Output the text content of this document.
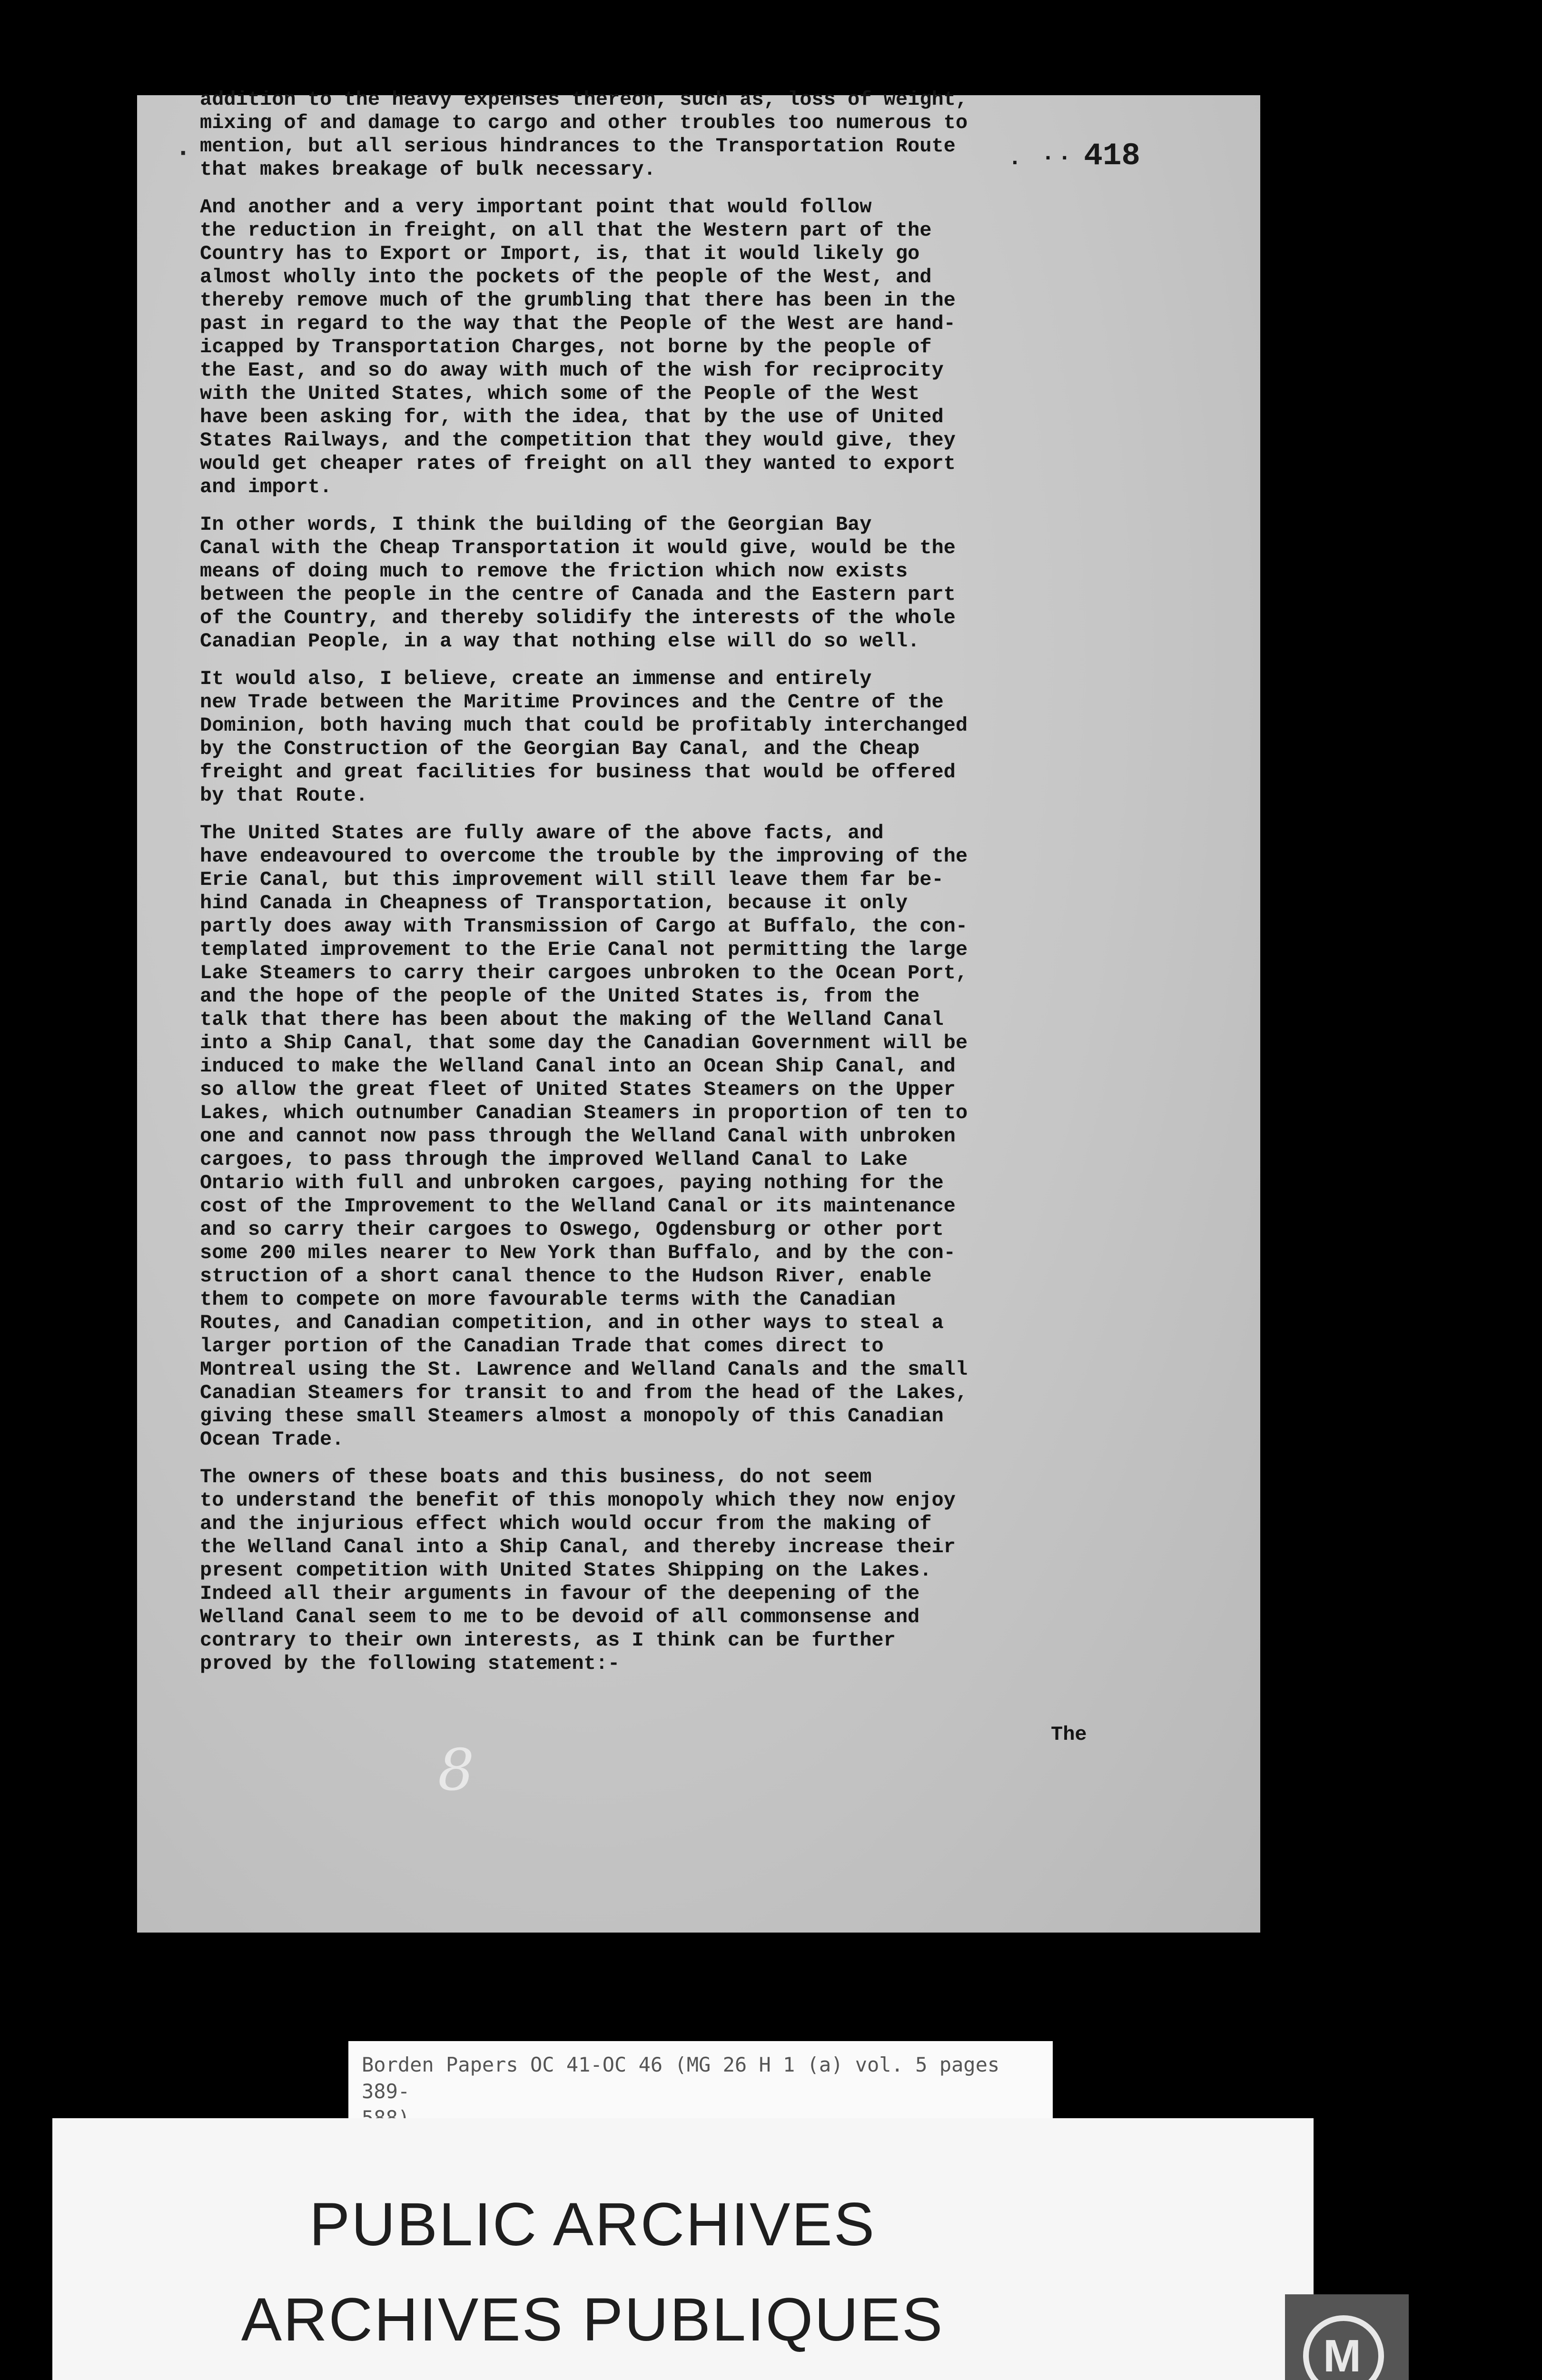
·	. ·· 418

addition to the heavy expenses thereon, such as, loss of weight,
mixing of and damage to cargo and other troubles too numerous to
mention, but all serious hindrances to the Transportation Route
that makes breakage of bulk necessary.

And another and a very important point that would follow
the reduction in freight, on all that the Western part of the
Country has to Export or Import, is, that it would likely go
almost wholly into the pockets of the people of the West, and
thereby remove much of the grumbling that there has been in the
past in regard to the way that the People of the West are hand-
icapped by Transportation Charges, not borne by the people of
the East, and so do away with much of the wish for reciprocity
with the United States, which some of the People of the West
have been asking for, with the idea, that by the use of United
States Railways, and the competition that they would give, they
would get cheaper rates of freight on all they wanted to export
and import.

In other words, I think the building of the Georgian Bay
Canal with the Cheap Transportation it would give, would be the
means of doing much to remove the friction which now exists
between the people in the centre of Canada and the Eastern part
of the Country, and thereby solidify the interests of the whole
Canadian People, in a way that nothing else will do so well.

It would also, I believe, create an immense and entirely
new Trade between the Maritime Provinces and the Centre of the
Dominion, both having much that could be profitably interchanged
by the Construction of the Georgian Bay Canal, and the Cheap
freight and great facilities for business that would be offered
by that Route.

The United States are fully aware of the above facts, and
have endeavoured to overcome the trouble by the improving of the
Erie Canal, but this improvement will still leave them far be-
hind Canada in Cheapness of Transportation, because it only
partly does away with Transmission of Cargo at Buffalo, the con-
templated improvement to the Erie Canal not permitting the large
Lake Steamers to carry their cargoes unbroken to the Ocean Port,
and the hope of the people of the United States is, from the
talk that there has been about the making of the Welland Canal
into a Ship Canal, that some day the Canadian Government will be
induced to make the Welland Canal into an Ocean Ship Canal, and
so allow the great fleet of United States Steamers on the Upper
Lakes, which outnumber Canadian Steamers in proportion of ten to
one and cannot now pass through the Welland Canal with unbroken
cargoes, to pass through the improved Welland Canal to Lake
Ontario with full and unbroken cargoes, paying nothing for the
cost of the Improvement to the Welland Canal or its maintenance
and so carry their cargoes to Oswego, Ogdensburg or other port
some 200 miles nearer to New York than Buffalo, and by the con-
struction of a short canal thence to the Hudson River, enable
them to compete on more favourable terms with the Canadian
Routes, and Canadian competition, and in other ways to steal a
larger portion of the Canadian Trade that comes direct to
Montreal using the St. Lawrence and Welland Canals and the small
Canadian Steamers for transit to and from the head of the Lakes,
giving these small Steamers almost a monopoly of this Canadian
Ocean Trade.

The owners of these boats and this business, do not seem
to understand the benefit of this monopoly which they now enjoy
and the injurious effect which would occur from the making of
the Welland Canal into a Ship Canal, and thereby increase their
present competition with United States Shipping on the Lakes.
Indeed all their arguments in favour of the deepening of the
Welland Canal seem to me to be devoid of all commonsense and
contrary to their own interests, as I think can be further
proved by the following statement:-

The
8
Borden Papers OC 41-OC 46 (MG 26 H 1 (a) vol. 5 pages 389-

PUBLIC ARCHIVES
ARCHIVES PUBLIQUES
M
